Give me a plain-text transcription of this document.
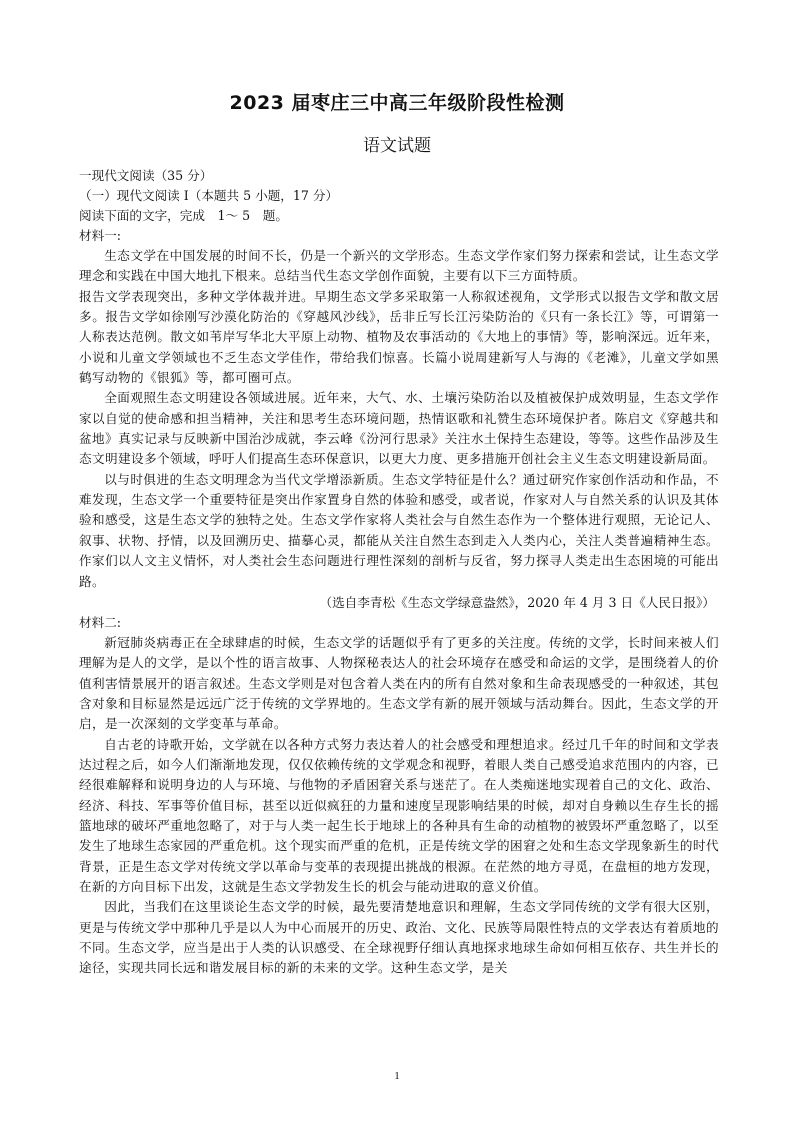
2023 届枣庄三中高三年级阶段性检测
语文试题

一现代文阅读（35 分）

（一）现代文阅读 I（本题共 5 小题，17 分）

阅读下面的文字，完成　1～ 5　题。

材料一:

生态文学在中国发展的时间不长，仍是一个新兴的文学形态。生态文学作家们努力探索和尝试，让生态文学理念和实践在中国大地扎下根来。总结当代生态文学创作面貌，主要有以下三方面特质。

报告文学表现突出，多种文学体裁并进。早期生态文学多采取第一人称叙述视角，文学形式以报告文学和散文居多。报告文学如徐刚写沙漠化防治的《穿越风沙线》，岳非丘写长江污染防治的《只有一条长江》等，可谓第一人称表达范例。散文如苇岸写华北大平原上动物、植物及农事活动的《大地上的事情》等，影响深远。近年来，小说和儿童文学领域也不乏生态文学佳作，带给我们惊喜。长篇小说周建新写人与海的《老滩》，儿童文学如黑鹤写动物的《银狐》等，都可圈可点。

全面观照生态文明建设各领域进展。近年来，大气、水、土壤污染防治以及植被保护成效明显，生态文学作家以自觉的使命感和担当精神，关注和思考生态环境问题，热情讴歌和礼赞生态环境保护者。陈启文《穿越共和盆地》真实记录与反映新中国治沙成就，李云峰《汾河行思录》关注水土保持生态建设，等等。这些作品涉及生态文明建设多个领域，呼吁人们提高生态环保意识，以更大力度、更多措施开创社会主义生态文明建设新局面。

以与时俱进的生态文明理念为当代文学增添新质。生态文学特征是什么？通过研究作家创作活动和作品，不难发现，生态文学一个重要特征是突出作家置身自然的体验和感受，或者说，作家对人与自然关系的认识及其体验和感受，这是生态文学的独特之处。生态文学作家将人类社会与自然生态作为一个整体进行观照，无论记人、叙事、状物、抒情，以及回溯历史、描摹心灵，都能从关注自然生态到走入人类内心，关注人类普遍精神生态。作家们以人文主义情怀，对人类社会生态问题进行理性深刻的剖析与反省，努力探寻人类走出生态困境的可能出路。

（选自李青松《生态文学绿意盎然》，2020 年 4 月 3 日《人民日报》）

材料二:

新冠肺炎病毒正在全球肆虐的时候，生态文学的话题似乎有了更多的关注度。传统的文学，长时间来被人们理解为是人的文学，是以个性的语言故事、人物探秘表达人的社会环境存在感受和命运的文学，是围绕着人的价值利害情景展开的语言叙述。生态文学则是对包含着人类在内的所有自然对象和生命表现感受的一种叙述，其包含对象和目标显然是远远广泛于传统的文学界地的。生态文学有新的展开领域与活动舞台。因此，生态文学的开启，是一次深刻的文学变革与革命。

自古老的诗歌开始，文学就在以各种方式努力表达着人的社会感受和理想追求。经过几千年的时间和文学表达过程之后，如今人们渐渐地发现，仅仅依赖传统的文学观念和视野，着眼人类自己感受追求范围内的内容，已经很难解释和说明身边的人与环境、与他物的矛盾困窘关系与迷茫了。在人类痴迷地实现着自己的文化、政治、经济、科技、军事等价值目标，甚至以近似疯狂的力量和速度呈现影响结果的时候，却对自身赖以生存生长的摇篮地球的破坏严重地忽略了，对于与人类一起生长于地球上的各种具有生命的动植物的被毁坏严重忽略了，以至发生了地球生态家园的严重危机。这个现实而严重的危机，正是传统文学的困窘之处和生态文学现象新生的时代背景，正是生态文学对传统文学以革命与变革的表现提出挑战的根源。在茫然的地方寻觅，在盘桓的地方发现，在新的方向目标下出发，这就是生态文学勃发生长的机会与能动进取的意义价值。

因此，当我们在这里谈论生态文学的时候，最先要清楚地意识和理解，生态文学同传统的文学有很大区别，更是与传统文学中那种几乎是以人为中心而展开的历史、政治、文化、民族等局限性特点的文学表达有着质地的不同。生态文学，应当是出于人类的认识感受、在全球视野仔细认真地探求地球生命如何相互依存、共生并长的途径，实现共同长远和谐发展目标的新的未来的文学。这种生态文学，是关

1
